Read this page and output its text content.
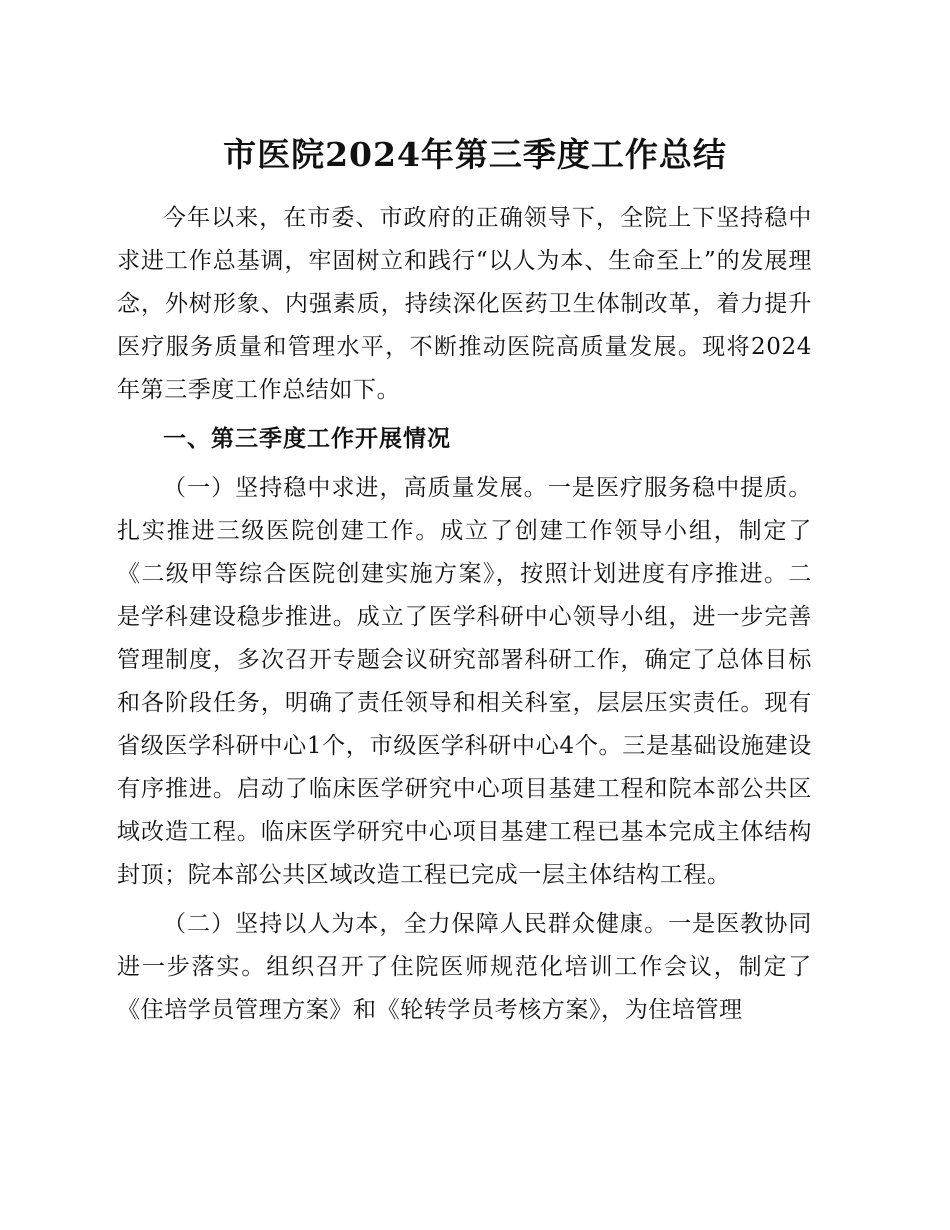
市医院2024年第三季度工作总结

今年以来，在市委、市政府的正确领导下，全院上下坚持稳中求进工作总基调，牢固树立和践行“以人为本、生命至上”的发展理念，外树形象、内强素质，持续深化医药卫生体制改革，着力提升医疗服务质量和管理水平，不断推动医院高质量发展。现将2024年第三季度工作总结如下。

一、第三季度工作开展情况

（一）坚持稳中求进，高质量发展。一是医疗服务稳中提质。扎实推进三级医院创建工作。成立了创建工作领导小组，制定了《二级甲等综合医院创建实施方案》，按照计划进度有序推进。二是学科建设稳步推进。成立了医学科研中心领导小组，进一步完善管理制度，多次召开专题会议研究部署科研工作，确定了总体目标和各阶段任务，明确了责任领导和相关科室，层层压实责任。现有省级医学科研中心1个，市级医学科研中心4个。三是基础设施建设有序推进。启动了临床医学研究中心项目基建工程和院本部公共区域改造工程。临床医学研究中心项目基建工程已基本完成主体结构封顶；院本部公共区域改造工程已完成一层主体结构工程。

（二）坚持以人为本，全力保障人民群众健康。一是医教协同进一步落实。组织召开了住院医师规范化培训工作会议，制定了《住培学员管理方案》和《轮转学员考核方案》，为住培管理
